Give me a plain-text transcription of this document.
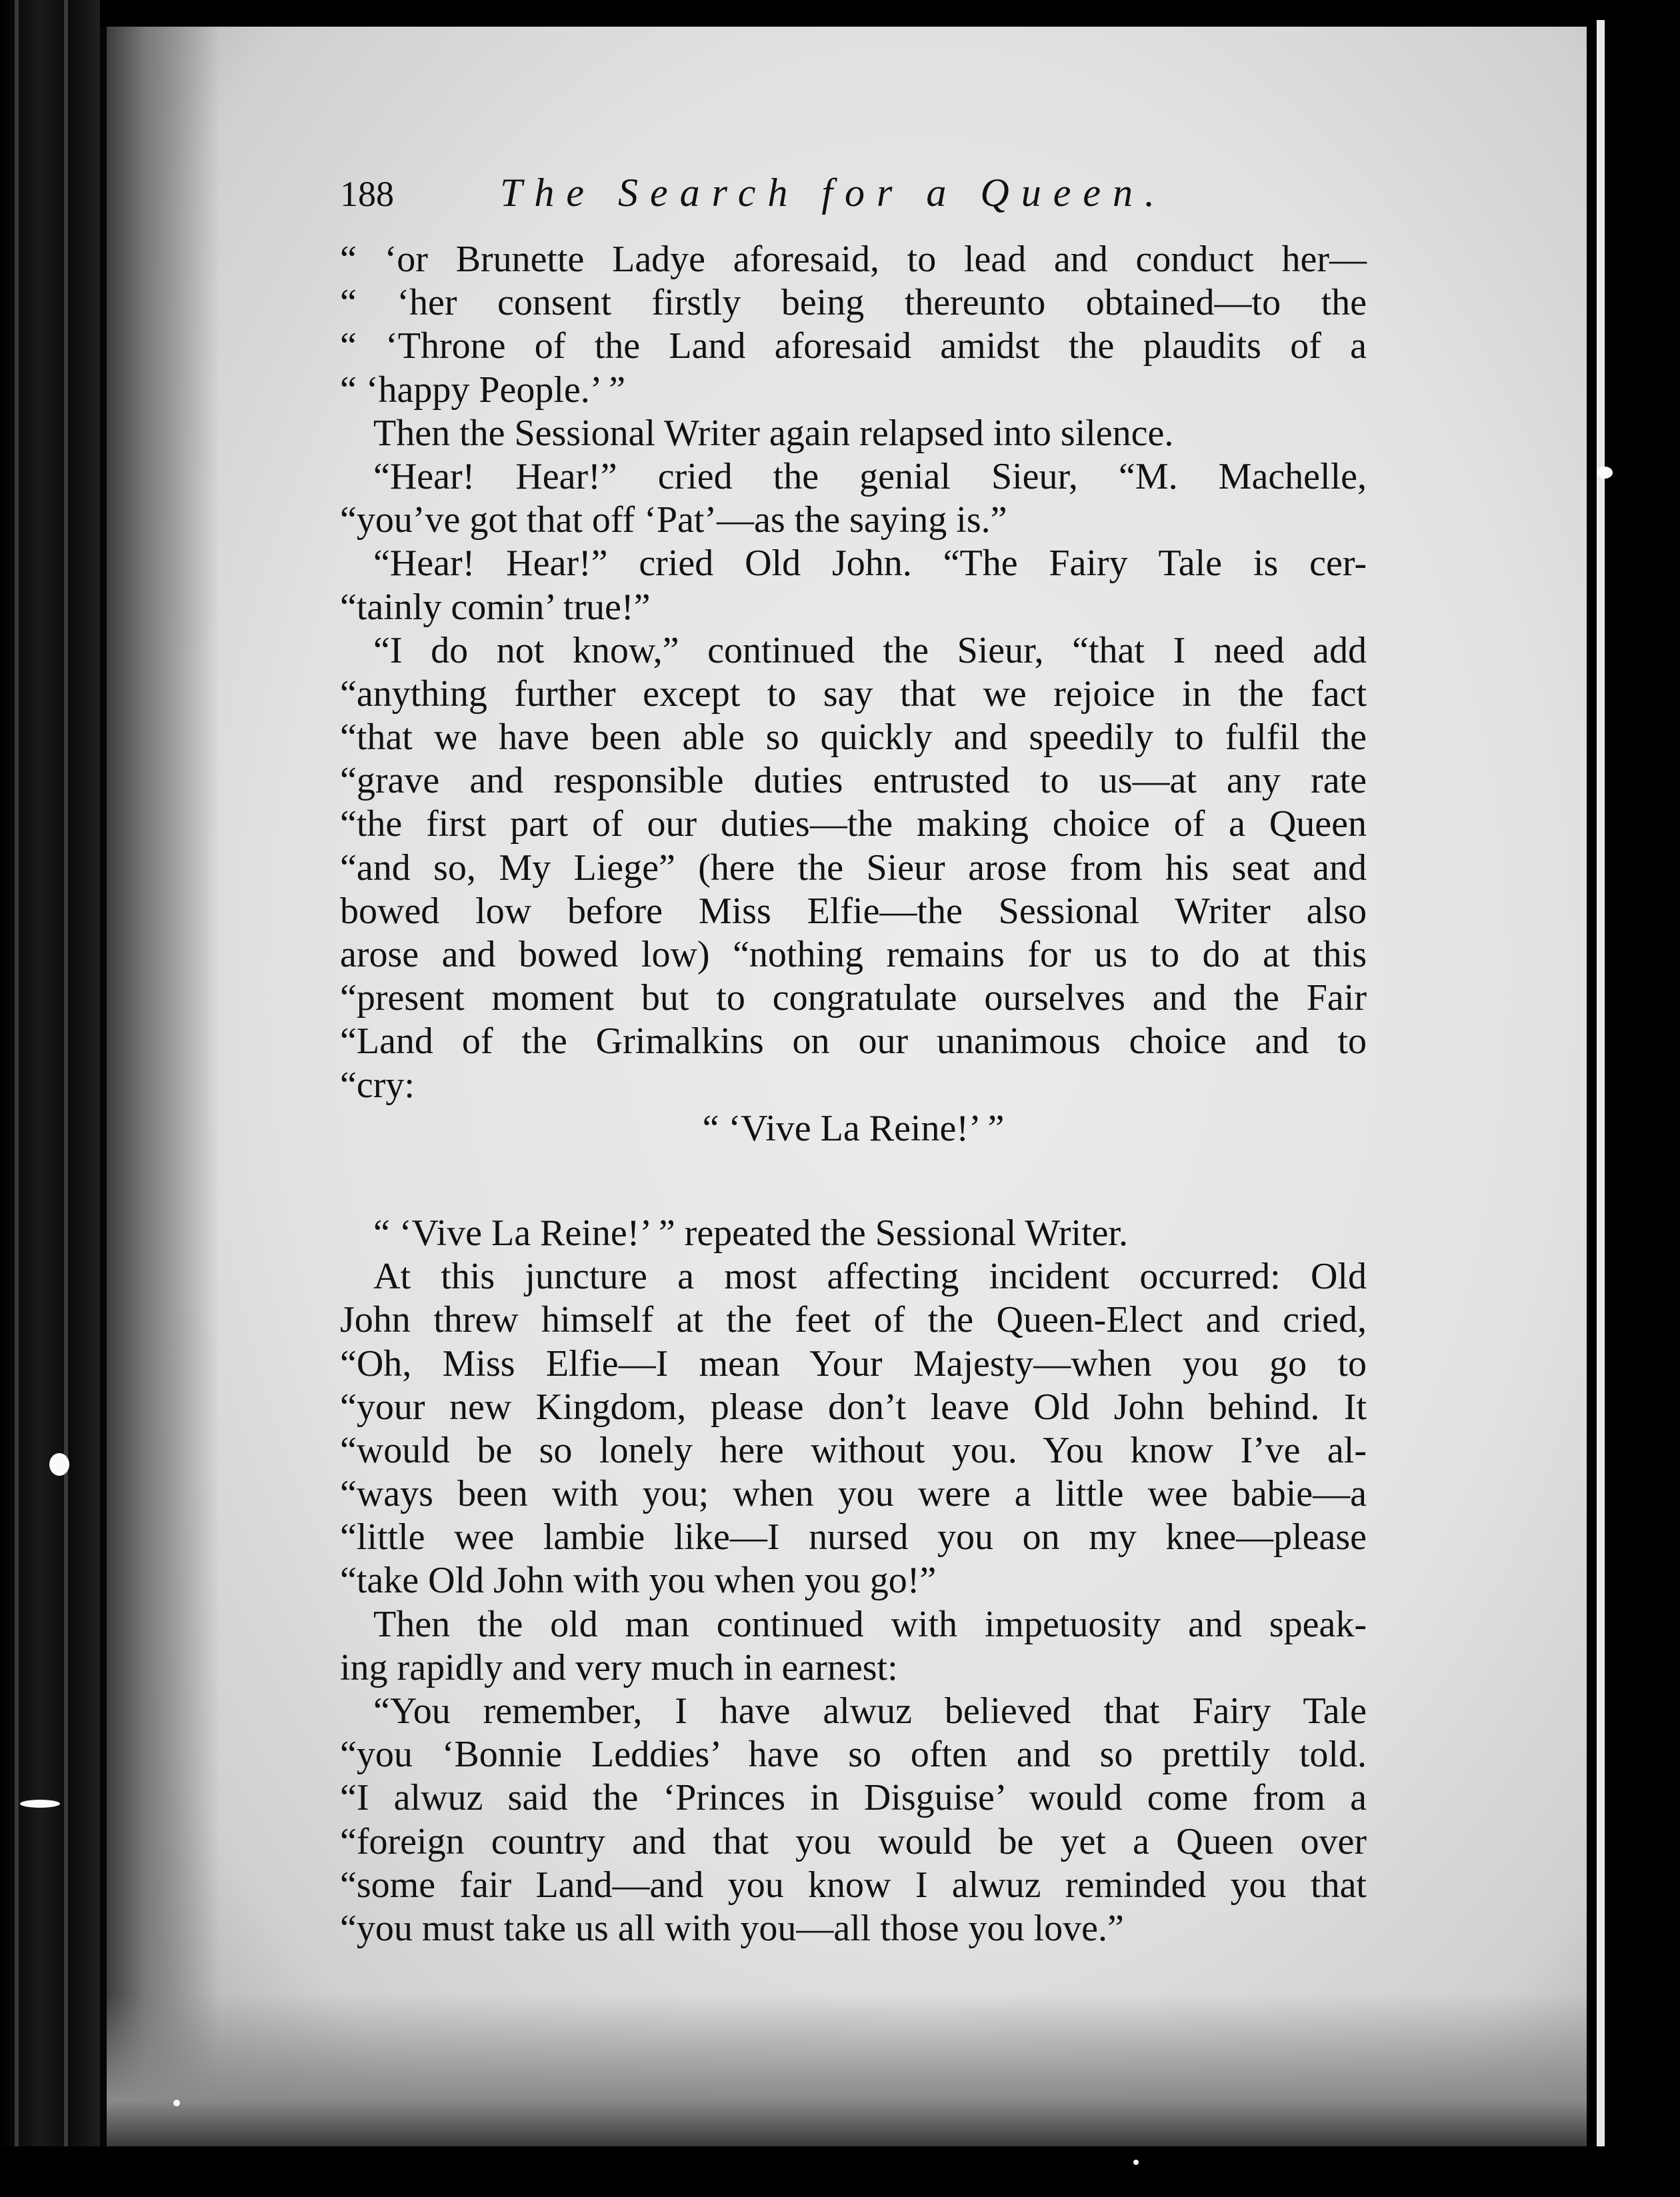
188	The Search for a Queen.
“ ‘or Brunette Ladye aforesaid, to lead and conduct her—
“ ‘her consent firstly being thereunto obtained—to the
“ ‘Throne of the Land aforesaid amidst the plaudits of a
“ ‘happy People.’ ”
Then the Sessional Writer again relapsed into silence.
“Hear! Hear!” cried the genial Sieur, “M. Machelle,
“you’ve got that off ‘Pat’—as the saying is.”
“Hear! Hear!” cried Old John. “The Fairy Tale is cer-
“tainly comin’ true!”
“I do not know,” continued the Sieur, “that I need add
“anything further except to say that we rejoice in the fact
“that we have been able so quickly and speedily to fulfil the
“grave and responsible duties entrusted to us—at any rate
“the first part of our duties—the making choice of a Queen
“and so, My Liege” (here the Sieur arose from his seat and
bowed low before Miss Elfie—the Sessional Writer also
arose and bowed low) “nothing remains for us to do at this
“present moment but to congratulate ourselves and the Fair
“Land of the Grimalkins on our unanimous choice and to
“cry:
“ ‘Vive La Reine!’ ”
“ ‘Vive La Reine!’ ” repeated the Sessional Writer.
At this juncture a most affecting incident occurred: Old
John threw himself at the feet of the Queen-Elect and cried,
“Oh, Miss Elfie—I mean Your Majesty—when you go to
“your new Kingdom, please don’t leave Old John behind. It
“would be so lonely here without you. You know I’ve al-
“ways been with you; when you were a little wee babie—a
“little wee lambie like—I nursed you on my knee—please
“take Old John with you when you go!”
Then the old man continued with impetuosity and speak-
ing rapidly and very much in earnest:
“You remember, I have alwuz believed that Fairy Tale
“you ‘Bonnie Leddies’ have so often and so prettily told.
“I alwuz said the ‘Princes in Disguise’ would come from a
“foreign country and that you would be yet a Queen over
“some fair Land—and you know I alwuz reminded you that
“you must take us all with you—all those you love.”
